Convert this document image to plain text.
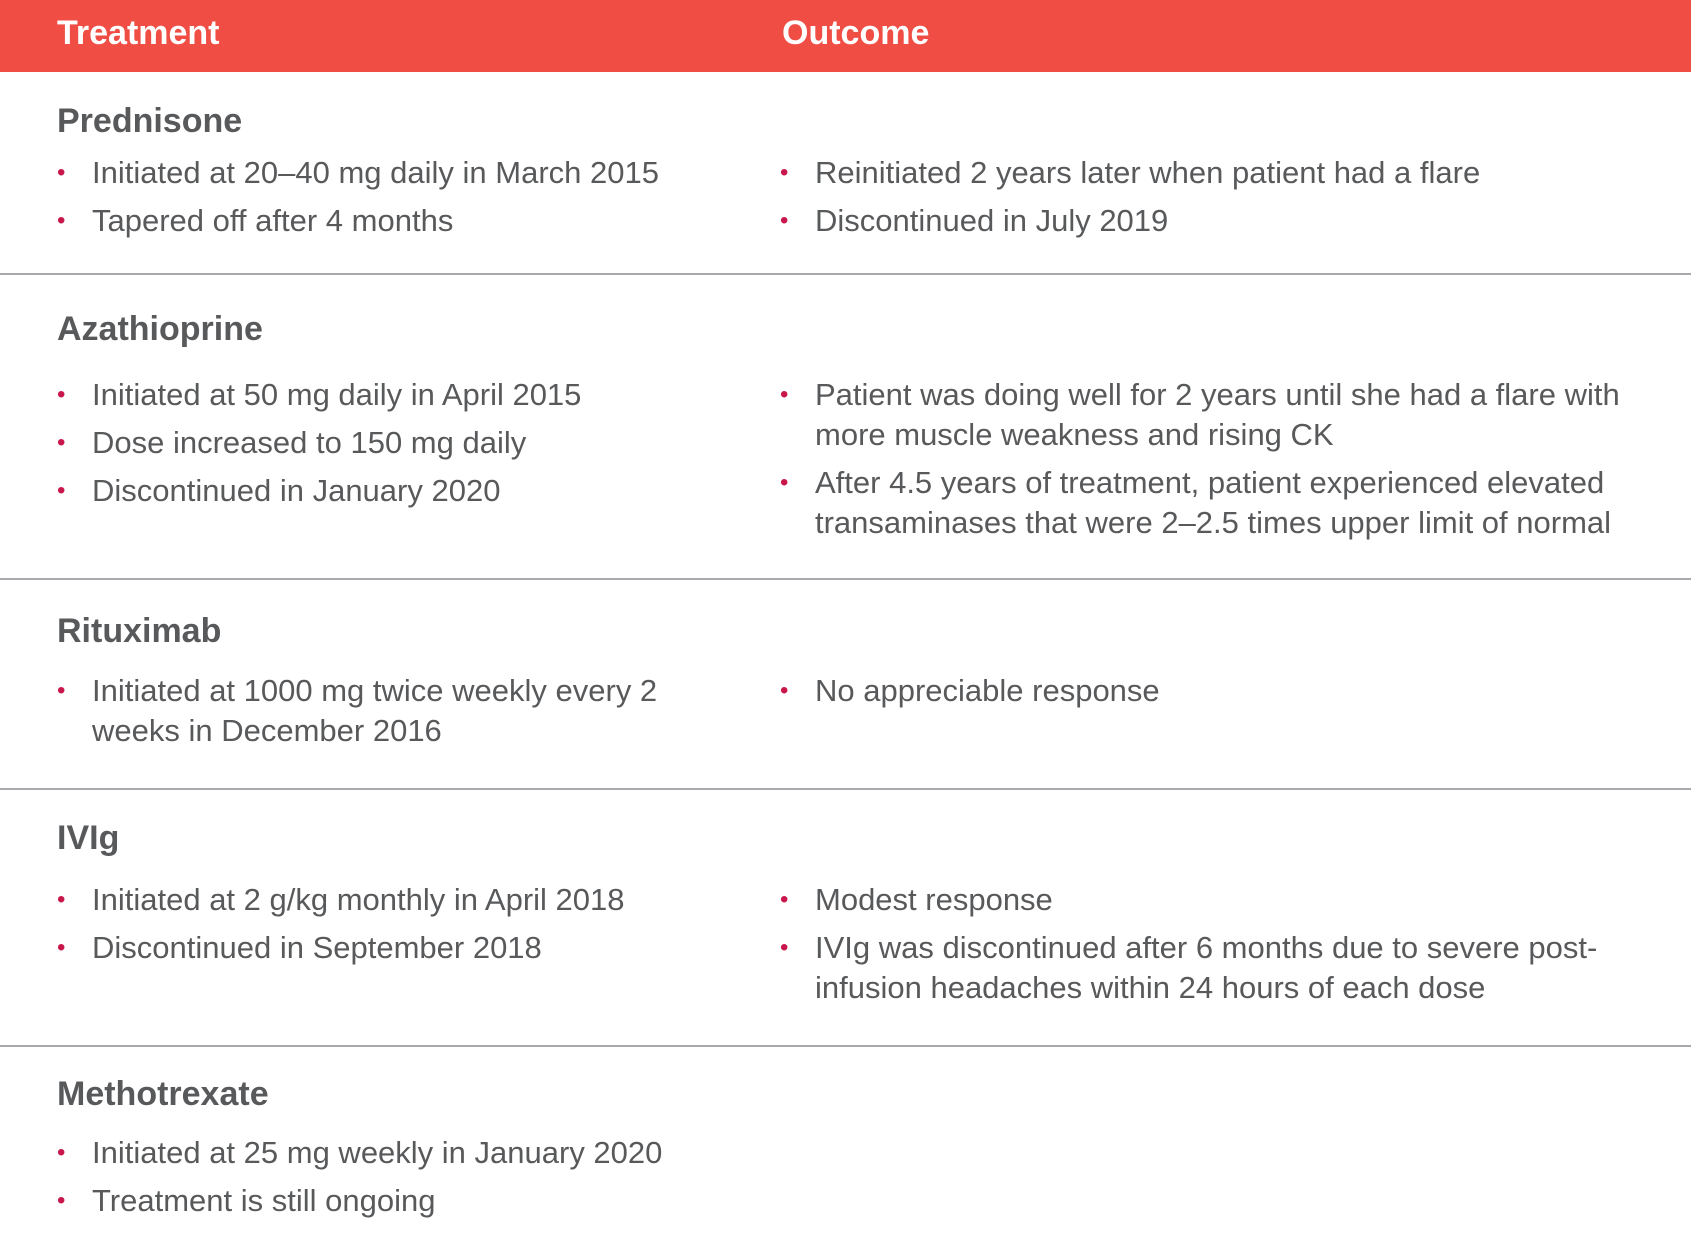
Treatment	Outcome
Prednisone
• Initiated at 20–40 mg daily in March 2015
• Tapered off after 4 months
• Reinitiated 2 years later when patient had a flare
• Discontinued in July 2019
Azathioprine
• Initiated at 50 mg daily in April 2015
• Dose increased to 150 mg daily
• Discontinued in January 2020
• Patient was doing well for 2 years until she had a flare with more muscle weakness and rising CK
• After 4.5 years of treatment, patient experienced elevated transaminases that were 2–2.5 times upper limit of normal
Rituximab
• Initiated at 1000 mg twice weekly every 2 weeks in December 2016
• No appreciable response
IVIg
• Initiated at 2 g/kg monthly in April 2018
• Discontinued in September 2018
• Modest response
• IVIg was discontinued after 6 months due to severe post-infusion headaches within 24 hours of each dose
Methotrexate
• Initiated at 25 mg weekly in January 2020
• Treatment is still ongoing
